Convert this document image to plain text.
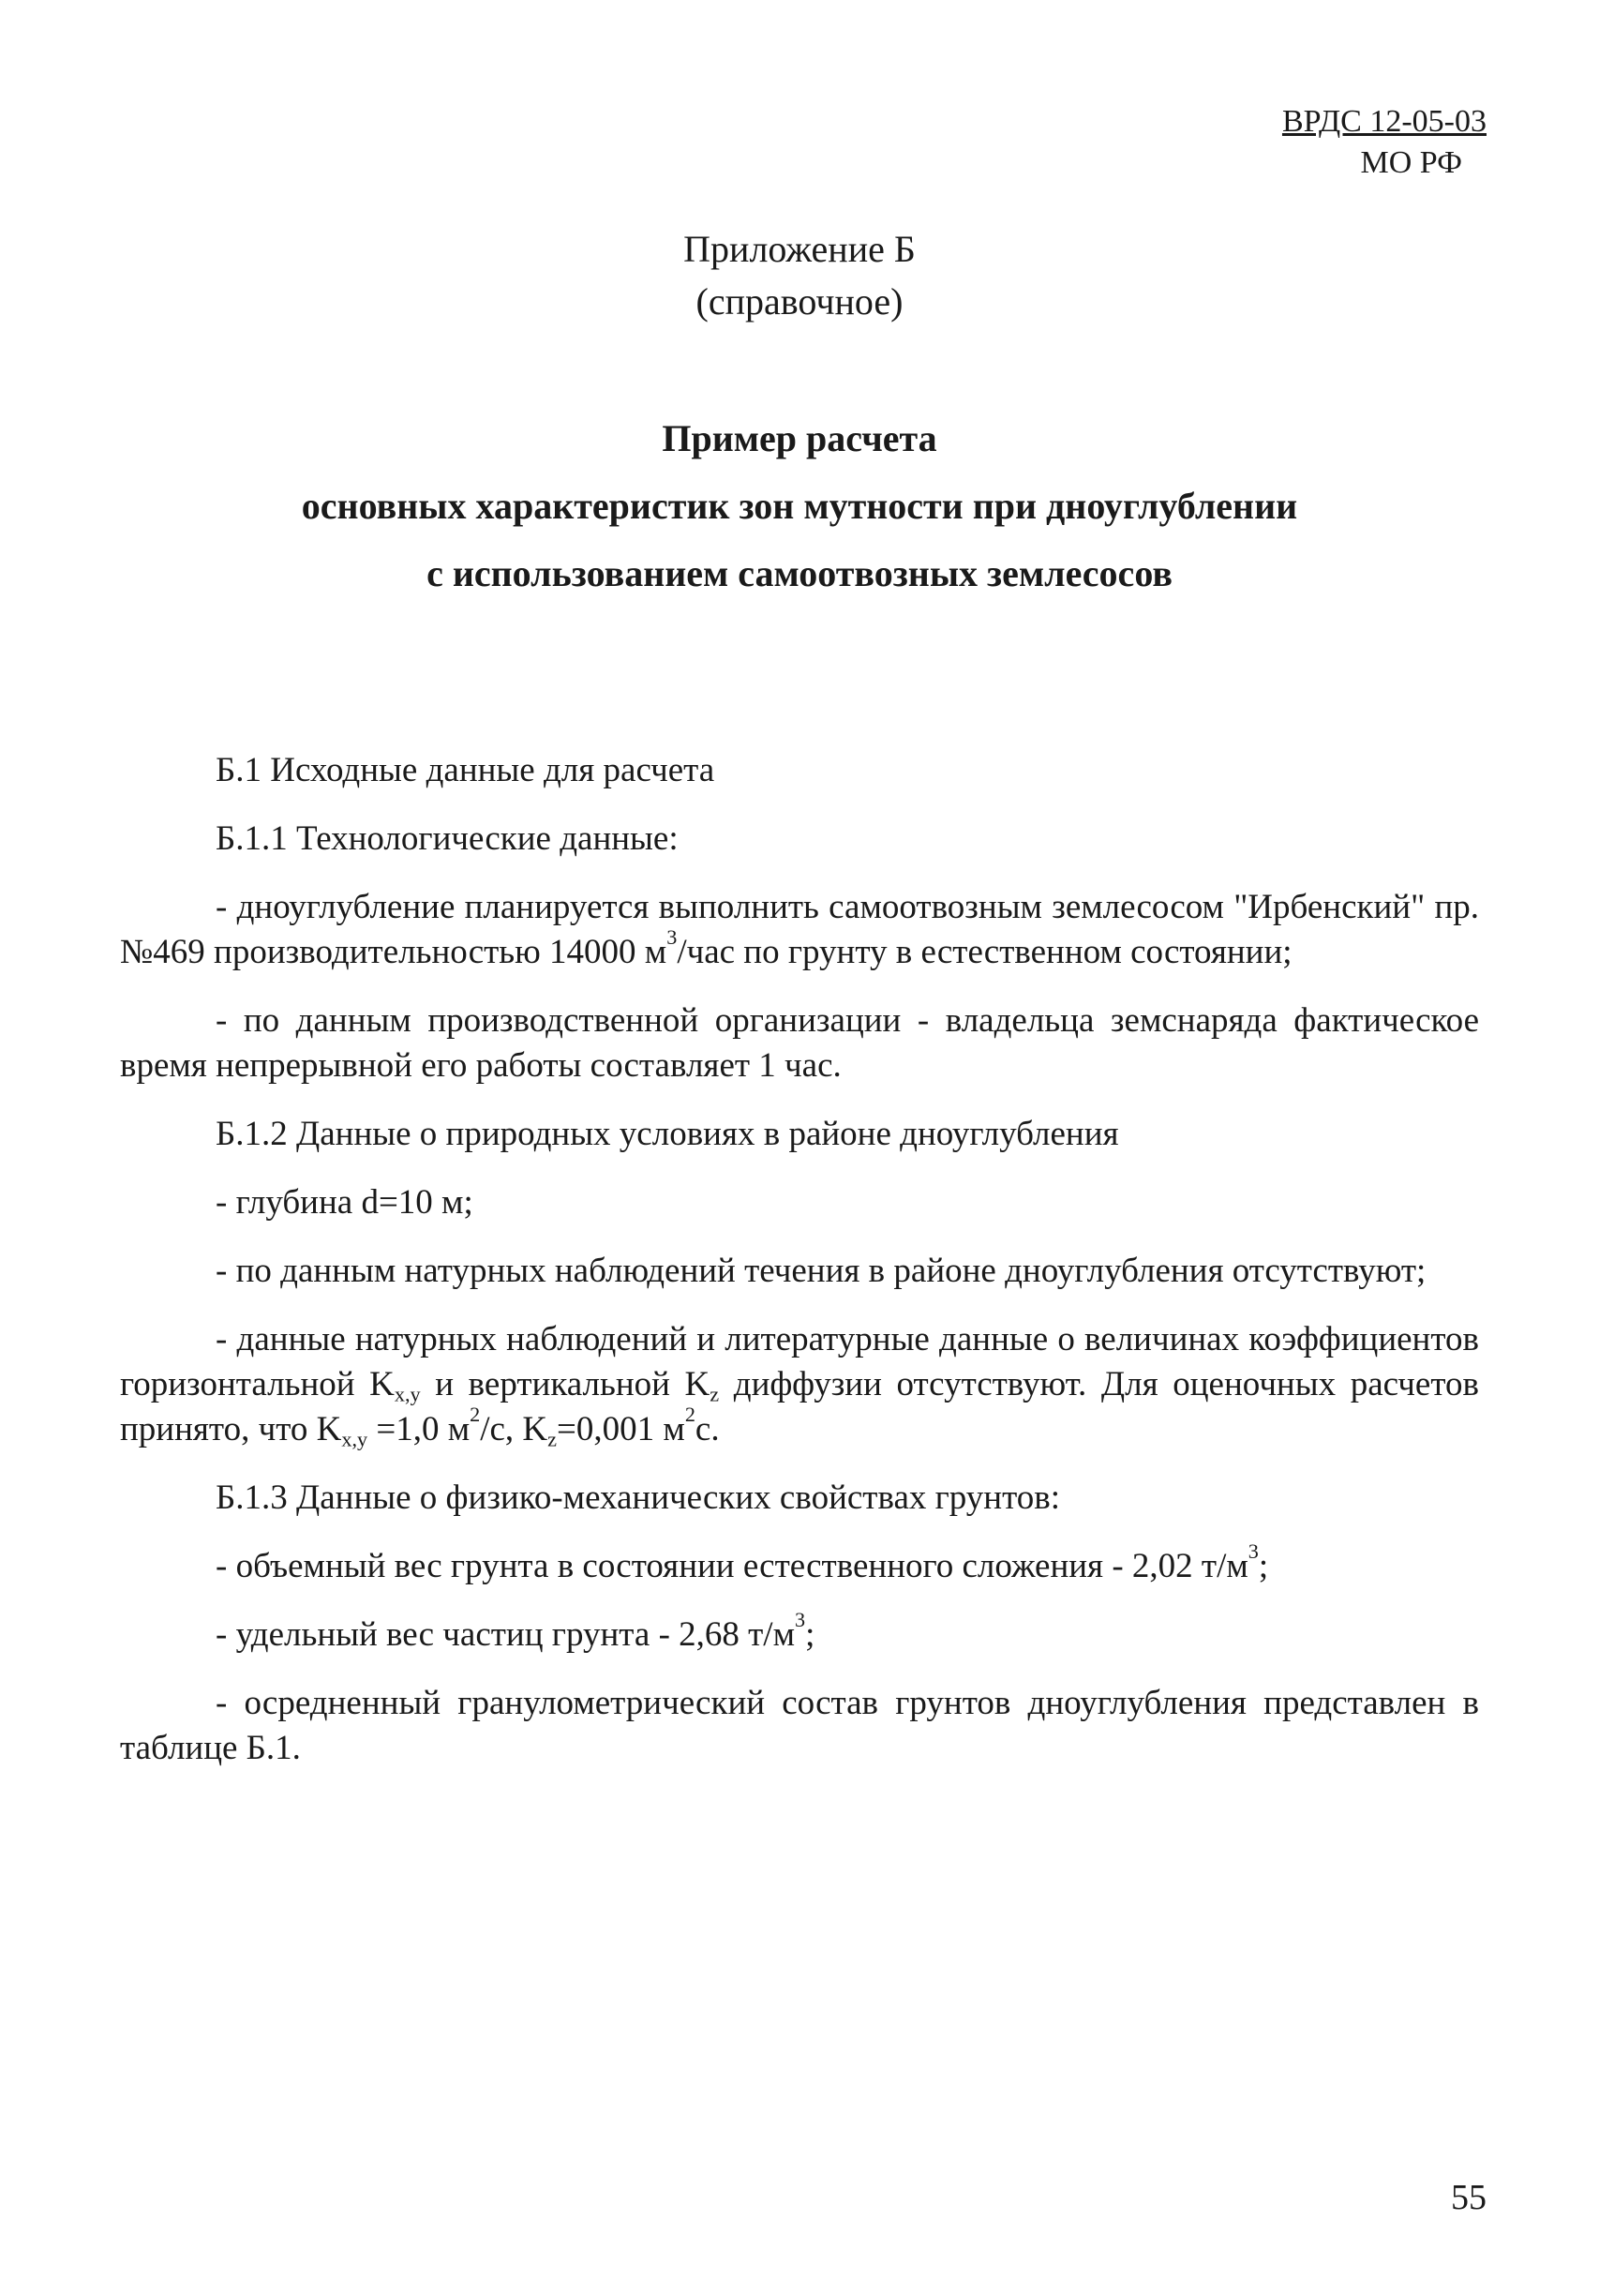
ВРДС 12-05-03
МО РФ
Приложение Б
(справочное)
Пример расчета
основных характеристик зон мутности при дноуглублении
с использованием самоотвозных землесосов

Б.1 Исходные данные для расчета

Б.1.1 Технологические данные:

- дноуглубление планируется выполнить самоотвозным землесосом "Ирбенский" пр.№469 производительностью 14000 $м^3$/час по грунту в естественном состоянии;

- по данным производственной организации - владельца земснаряда фактическое время непрерывной его работы составляет 1 час.

Б.1.2 Данные о природных условиях в районе дноуглубления

- глубина d=10 м;

- по данным натурных наблюдений течения в районе дноуглубления отсутствуют;

- данные натурных наблюдений и литературные данные о величинах коэффициентов горизонтальной $K_{x,y}$ и вертикальной $K_z$ диффузии отсутствуют. Для оценочных расчетов принято, что $K_{x,y} =1,0$ $м^2/с$, $K_z=0,001$ $м^2с$.

Б.1.3 Данные о физико-механических свойствах грунтов:

- объемный вес грунта в состоянии естественного сложения - 2,02 $т/м^3$;

- удельный вес частиц грунта - 2,68 $т/м^3$;

- осредненный гранулометрический состав грунтов дноуглубления представлен в таблице Б.1.

55
